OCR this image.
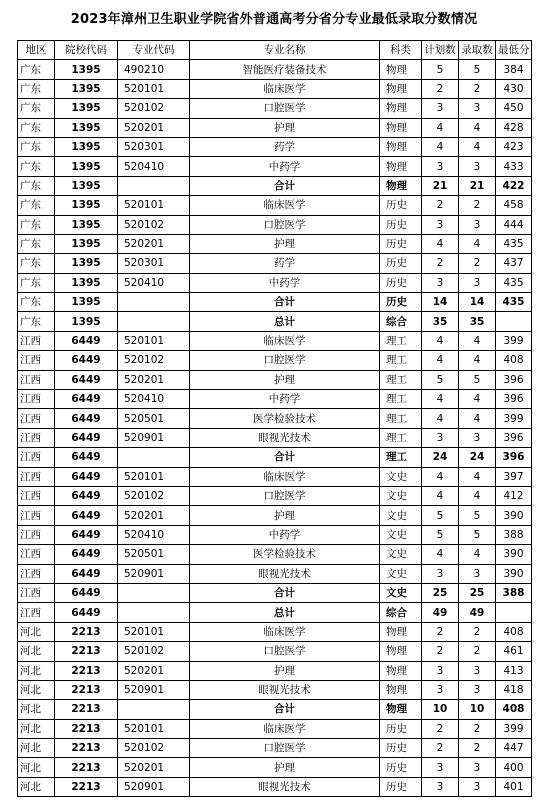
2023年漳州卫生职业学院省外普通高考分省分专业最低录取分数情况
地区	院校代码	专业代码	专业名称	科类	计划数	录取数	最低分
广东	1395	490210	智能医疗装备技术	物理	5	5	384
广东	1395	520101	临床医学	物理	2	2	430
广东	1395	520102	口腔医学	物理	3	3	450
广东	1395	520201	护理	物理	4	4	428
广东	1395	520301	药学	物理	4	4	423
广东	1395	520410	中药学	物理	3	3	433
广东	1395		合计	物理	21	21	422
广东	1395	520101	临床医学	历史	2	2	458
广东	1395	520102	口腔医学	历史	3	3	444
广东	1395	520201	护理	历史	4	4	435
广东	1395	520301	药学	历史	2	2	437
广东	1395	520410	中药学	历史	3	3	435
广东	1395		合计	历史	14	14	435
广东	1395		总计	综合	35	35	
江西	6449	520101	临床医学	理工	4	4	399
江西	6449	520102	口腔医学	理工	4	4	408
江西	6449	520201	护理	理工	5	5	396
江西	6449	520410	中药学	理工	4	4	396
江西	6449	520501	医学检验技术	理工	4	4	399
江西	6449	520901	眼视光技术	理工	3	3	396
江西	6449		合计	理工	24	24	396
江西	6449	520101	临床医学	文史	4	4	397
江西	6449	520102	口腔医学	文史	4	4	412
江西	6449	520201	护理	文史	5	5	390
江西	6449	520410	中药学	文史	5	5	388
江西	6449	520501	医学检验技术	文史	4	4	390
江西	6449	520901	眼视光技术	文史	3	3	390
江西	6449		合计	文史	25	25	388
江西	6449		总计	综合	49	49	
河北	2213	520101	临床医学	物理	2	2	408
河北	2213	520102	口腔医学	物理	2	2	461
河北	2213	520201	护理	物理	3	3	413
河北	2213	520901	眼视光技术	物理	3	3	418
河北	2213		合计	物理	10	10	408
河北	2213	520101	临床医学	历史	2	2	399
河北	2213	520102	口腔医学	历史	2	2	447
河北	2213	520201	护理	历史	3	3	400
河北	2213	520901	眼视光技术	历史	3	3	401
